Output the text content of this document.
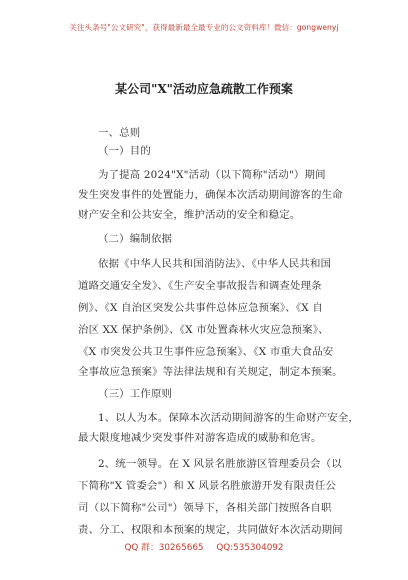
关注头条号"公文研究"，获得最新最全最专业的公文资料库！微信：gongwenyj
某公司"X"活动应急疏散工作预案
一、总则
（一）目的
为了提高 2024"X"活动（以下简称"活动"）期间
发生突发事件的处置能力，确保本次活动期间游客的生命
财产安全和公共安全，维护活动的安全和稳定。
（二）编制依据
依据《中华人民共和国消防法》、《中华人民共和国
道路交通安全发》、《生产安全事故报告和调查处理条
例》、《X 自治区突发公共事件总体应急预案》、《X 自
治区 XX 保护条例》、《X 市处置森林火灾应急预案》、
《X 市突发公共卫生事件应急预案》、《X 市重大食品安
全事故应急预案》等法律法规和有关规定，制定本预案。
（三）工作原则
1、以人为本。保障本次活动期间游客的生命财产安全，
最大限度地减少突发事件对游客造成的威胁和危害。
2、统一领导。在 X 风景名胜旅游区管理委员会（以
下简称"X 管委会"）和 X 风景名胜旅游开发有限责任公
司（以下简称"公司"）领导下，各相关部门按照各自职
责、分工、权限和本预案的规定，共同做好本次活动期间
QQ 群：30265665 QQ:535304092
